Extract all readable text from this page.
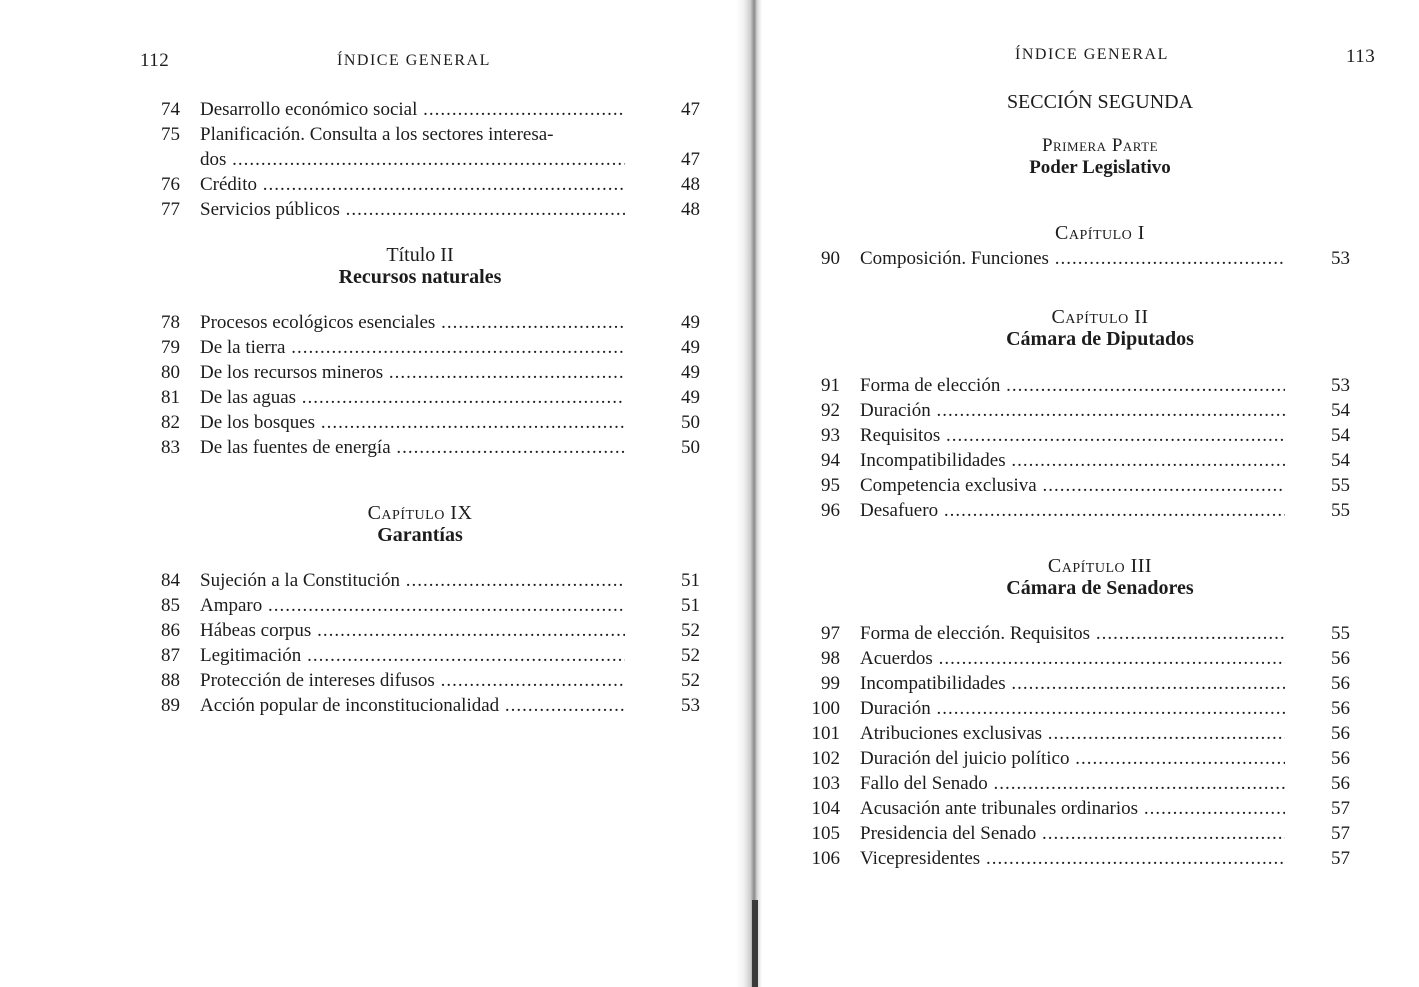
112	ÍNDICE GENERAL
74 Desarrollo económico social .....	47
75 Planificación. Consulta a los sectores interesa-
dos .....	47
76 Crédito .....	48
77 Servicios públicos .....	48
Título II
Recursos naturales
78 Procesos ecológicos esenciales .....	49
79 De la tierra .....	49
80 De los recursos mineros .....	49
81 De las aguas .....	49
82 De los bosques .....	50
83 De las fuentes de energía .....	50
Capítulo IX
Garantías
84 Sujeción a la Constitución .....	51
85 Amparo .....	51
86 Hábeas corpus .....	52
87 Legitimación .....	52
88 Protección de intereses difusos .....	52
89 Acción popular de inconstitucionalidad .....	53
ÍNDICE GENERAL	113
SECCIÓN SEGUNDA
Primera Parte
Poder Legislativo
Capítulo I
90 Composición. Funciones .....	53
Capítulo II
Cámara de Diputados
91 Forma de elección .....	53
92 Duración .....	54
93 Requisitos .....	54
94 Incompatibilidades .....	54
95 Competencia exclusiva .....	55
96 Desafuero .....	55
Capítulo III
Cámara de Senadores
97 Forma de elección. Requisitos .....	55
98 Acuerdos .....	56
99 Incompatibilidades .....	56
100 Duración .....	56
101 Atribuciones exclusivas .....	56
102 Duración del juicio político .....	56
103 Fallo del Senado .....	56
104 Acusación ante tribunales ordinarios .....	57
105 Presidencia del Senado .....	57
106 Vicepresidentes .....	57
